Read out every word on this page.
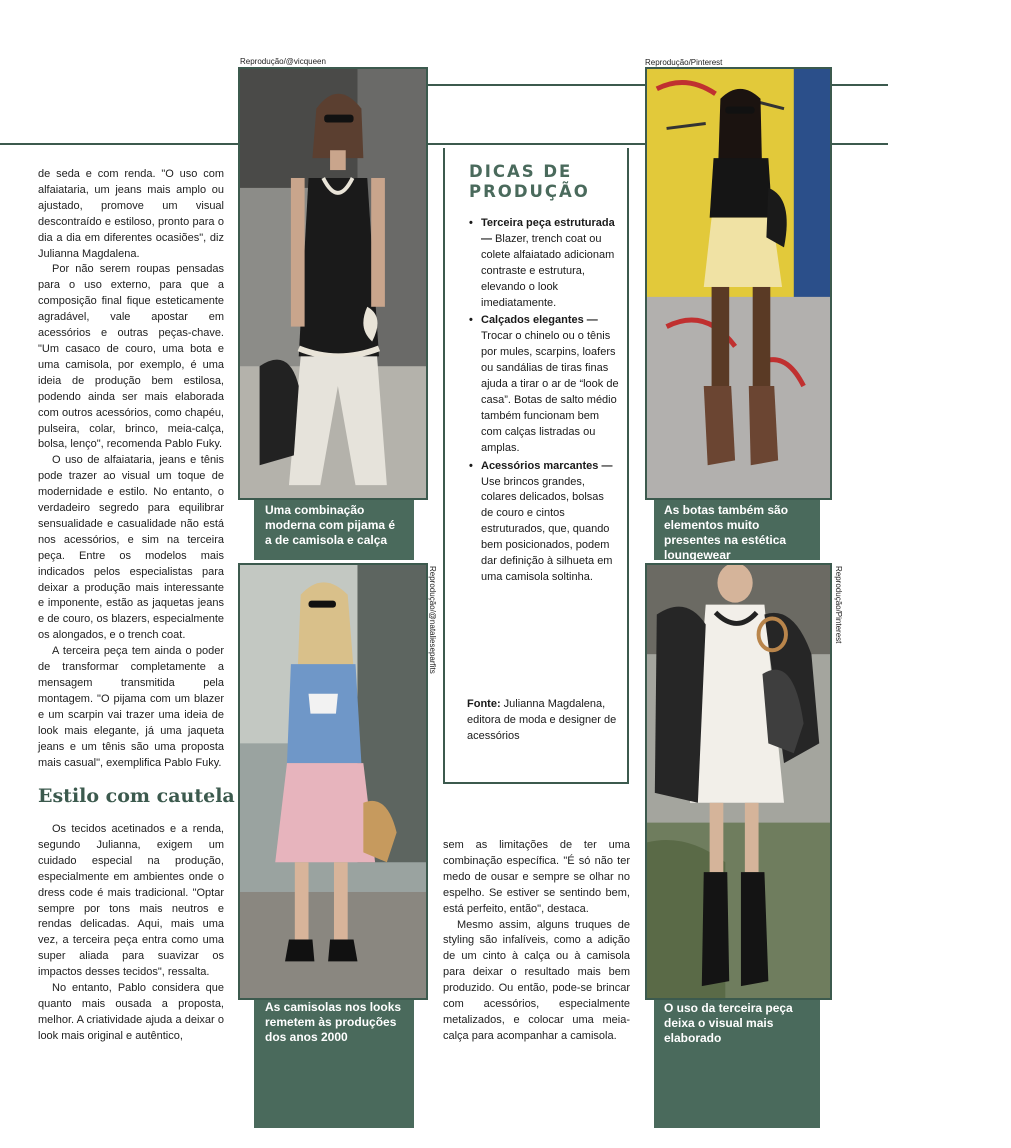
Reprodução/@vicqueen	Reprodução/Pinterest
Reprodução/@natalieseparfits	Reprodução/Pinterest
Uma combinação moderna com pijama é a de camisola e calça
As botas também são elementos muito presentes na estética loungewear
As camisolas nos looks remetem às produções dos anos 2000
O uso da terceira peça deixa o visual mais elaborado

de seda e com renda. "O uso com alfaiataria, um jeans mais amplo ou ajustado, promove um visual descontraído e estiloso, pronto para o dia a dia em diferentes ocasiões", diz Julianna Magdalena.

Por não serem roupas pensadas para o uso externo, para que a composição final fique esteticamente agradável, vale apostar em acessórios e outras peças-chave. "Um casaco de couro, uma bota e uma camisola, por exemplo, é uma ideia de produção bem estilosa, podendo ainda ser mais elaborada com outros acessórios, como chapéu, pulseira, colar, brinco, meia-calça, bolsa, lenço", recomenda Pablo Fuky.

O uso de alfaiataria, jeans e tênis pode trazer ao visual um toque de modernidade e estilo. No entanto, o verdadeiro segredo para equilibrar sensualidade e casualidade não está nos acessórios, e sim na terceira peça. Entre os modelos mais indicados pelos especialistas para deixar a produção mais interessante e imponente, estão as jaquetas jeans e de couro, os blazers, especialmente os alongados, e o trench coat.

A terceira peça tem ainda o poder de transformar completamente a mensagem transmitida pela montagem. "O pijama com um blazer e um scarpin vai trazer uma ideia de look mais elegante, já uma jaqueta jeans e um tênis são uma proposta mais casual", exemplifica Pablo Fuky.

Estilo com cautela

Os tecidos acetinados e a renda, segundo Julianna, exigem um cuidado especial na produção, especialmente em ambientes onde o dress code é mais tradicional. "Optar sempre por tons mais neutros e rendas delicadas. Aqui, mais uma vez, a terceira peça entra como uma super aliada para suavizar os impactos desses tecidos", ressalta.

No entanto, Pablo considera que quanto mais ousada a proposta, melhor. A criatividade ajuda a deixar o look mais original e autêntico,

DICAS DE PRODUÇÃO
• Terceira peça estruturada — Blazer, trench coat ou colete alfaiatado adicionam contraste e estrutura, elevando o look imediatamente.
• Calçados elegantes — Trocar o chinelo ou o tênis por mules, scarpins, loafers ou sandálias de tiras finas ajuda a tirar o ar de “look de casa”. Botas de salto médio também funcionam bem com calças listradas ou amplas.
• Acessórios marcantes — Use brincos grandes, colares delicados, bolsas de couro e cintos estruturados, que, quando bem posicionados, podem dar definição à silhueta em uma camisola soltinha.
Fonte: Julianna Magdalena, editora de moda e designer de acessórios

sem as limitações de ter uma combinação específica. "É só não ter medo de ousar e sempre se olhar no espelho. Se estiver se sentindo bem, está perfeito, então", destaca.

Mesmo assim, alguns truques de styling são infalíveis, como a adição de um cinto à calça ou à camisola para deixar o resultado mais bem produzido. Ou então, pode-se brincar com acessórios, especialmente metalizados, e colocar uma meia-calça para acompanhar a camisola.
